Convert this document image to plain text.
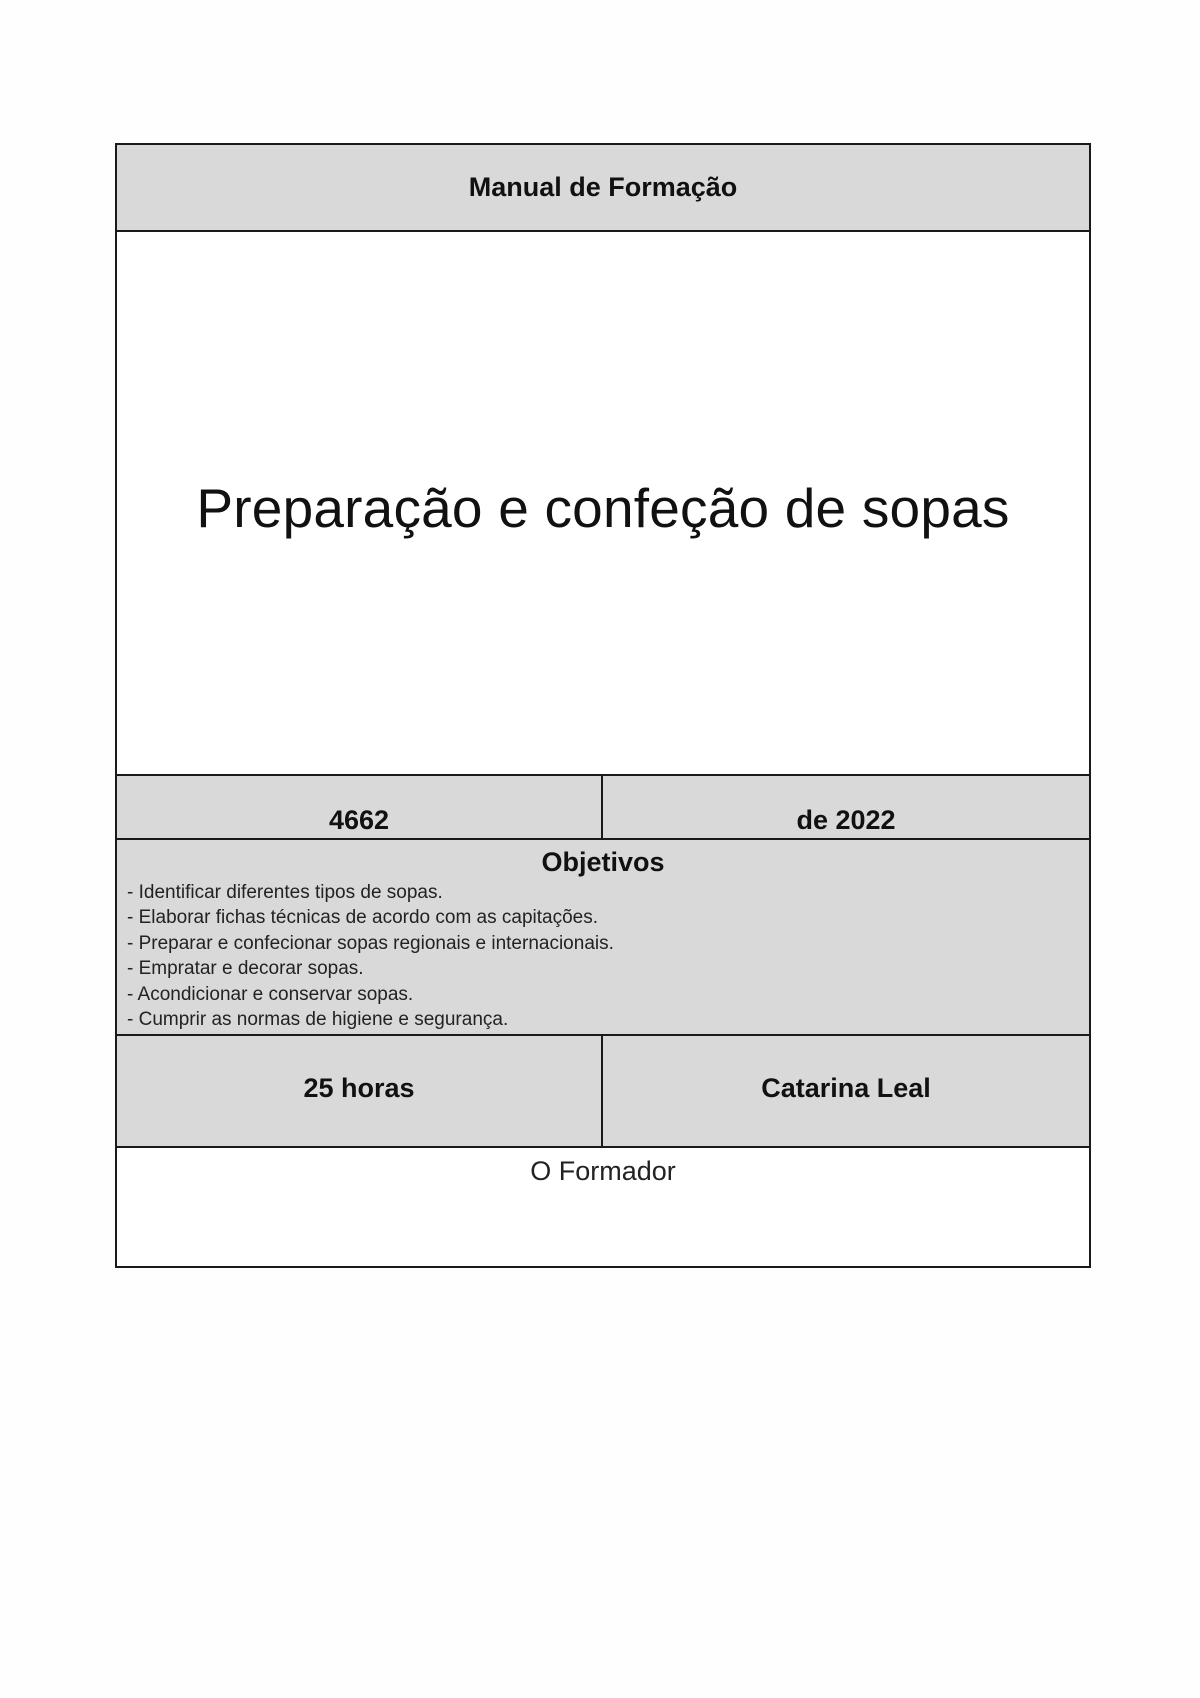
Manual de Formação
Preparação e confeção de sopas
4662	de 2022
Objetivos
- Identificar diferentes tipos de sopas.
- Elaborar fichas técnicas de acordo com as capitações.
- Preparar e confecionar sopas regionais e internacionais.
- Empratar e decorar sopas.
- Acondicionar e conservar sopas.
- Cumprir as normas de higiene e segurança.
25 horas	Catarina Leal
O Formador
